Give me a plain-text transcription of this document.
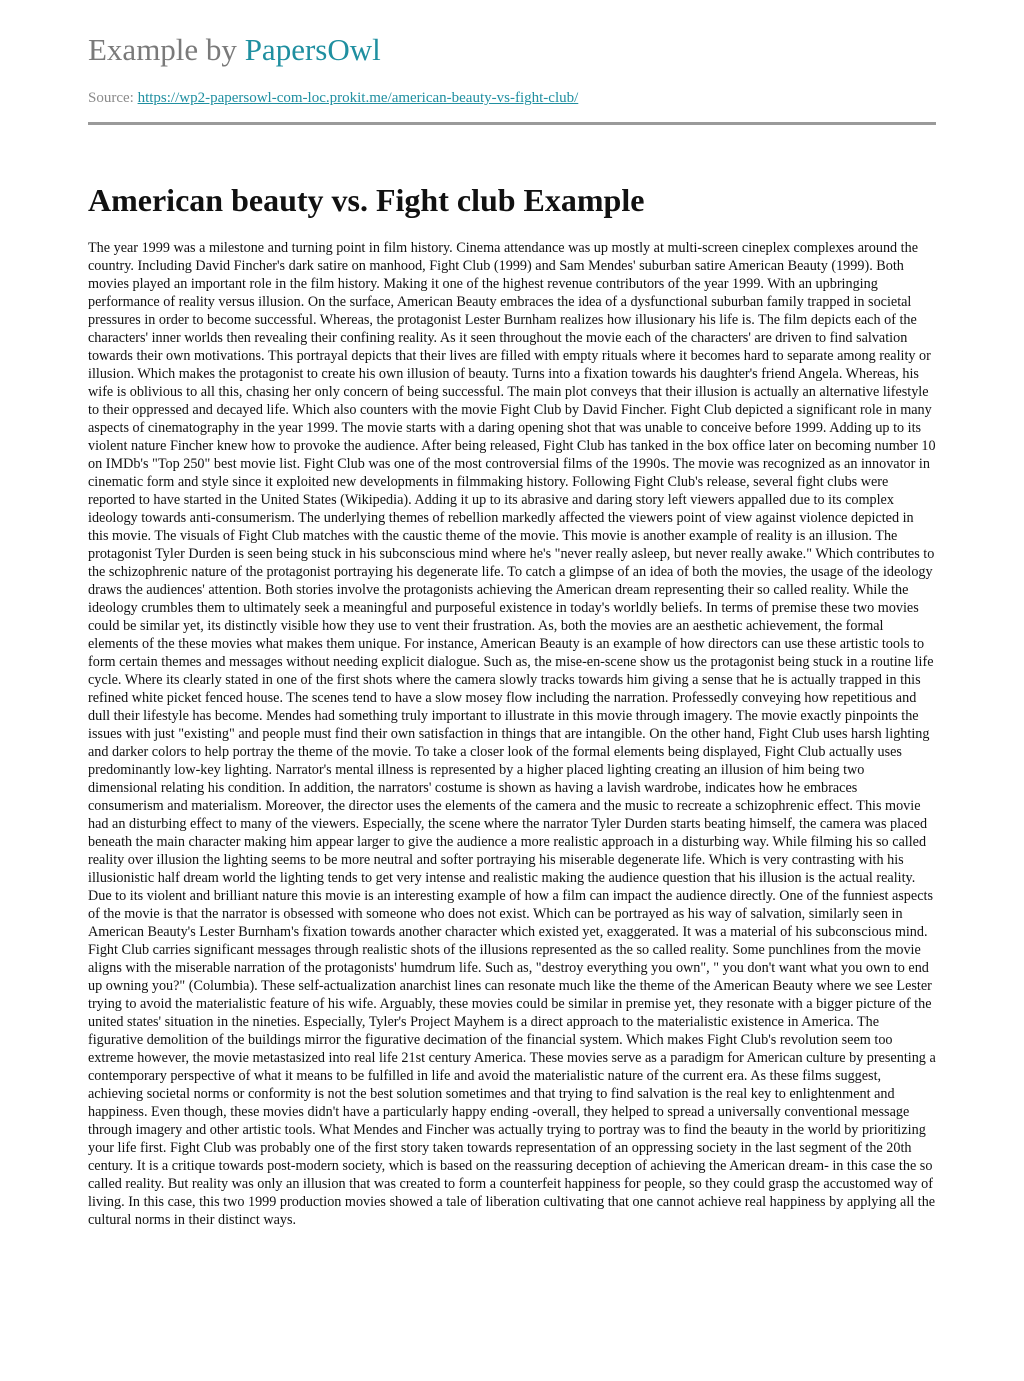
Example by PapersOwl
Source: https://wp2-papersowl-com-loc.prokit.me/american-beauty-vs-fight-club/
American beauty vs. Fight club Example

The year 1999 was a milestone and turning point in film history. Cinema attendance was up mostly at multi-screen cineplex complexes around the country. Including David Fincher's dark satire on manhood, Fight Club (1999) and Sam Mendes' suburban satire American Beauty (1999). Both movies played an important role in the film history. Making it one of the highest revenue contributors of the year 1999. With an upbringing performance of reality versus illusion. On the surface, American Beauty embraces the idea of a dysfunctional suburban family trapped in societal pressures in order to become successful. Whereas, the protagonist Lester Burnham realizes how illusionary his life is. The film depicts each of the characters' inner worlds then revealing their confining reality. As it seen throughout the movie each of the characters' are driven to find salvation towards their own motivations. This portrayal depicts that their lives are filled with empty rituals where it becomes hard to separate among reality or illusion. Which makes the protagonist to create his own illusion of beauty. Turns into a fixation towards his daughter's friend Angela. Whereas, his wife is oblivious to all this, chasing her only concern of being successful. The main plot conveys that their illusion is actually an alternative lifestyle to their oppressed and decayed life. Which also counters with the movie Fight Club by David Fincher. Fight Club depicted a significant role in many aspects of cinematography in the year 1999. The movie starts with a daring opening shot that was unable to conceive before 1999. Adding up to its violent nature Fincher knew how to provoke the audience. After being released, Fight Club has tanked in the box office later on becoming number 10 on IMDb's "Top 250" best movie list. Fight Club was one of the most controversial films of the 1990s. The movie was recognized as an innovator in cinematic form and style since it exploited new developments in filmmaking history. Following Fight Club's release, several fight clubs were reported to have started in the United States (Wikipedia). Adding it up to its abrasive and daring story left viewers appalled due to its complex ideology towards anti-consumerism. The underlying themes of rebellion markedly affected the viewers point of view against violence depicted in this movie. The visuals of Fight Club matches with the caustic theme of the movie. This movie is another example of reality is an illusion. The protagonist Tyler Durden is seen being stuck in his subconscious mind where he's "never really asleep, but never really awake." Which contributes to the schizophrenic nature of the protagonist portraying his degenerate life. To catch a glimpse of an idea of both the movies, the usage of the ideology draws the audiences' attention. Both stories involve the protagonists achieving the American dream representing their so called reality. While the ideology crumbles them to ultimately seek a meaningful and purposeful existence in today's worldly beliefs. In terms of premise these two movies could be similar yet, its distinctly visible how they use to vent their frustration. As, both the movies are an aesthetic achievement, the formal elements of the these movies what makes them unique. For instance, American Beauty is an example of how directors can use these artistic tools to form certain themes and messages without needing explicit dialogue. Such as, the mise-en-scene show us the protagonist being stuck in a routine life cycle. Where its clearly stated in one of the first shots where the camera slowly tracks towards him giving a sense that he is actually trapped in this refined white picket fenced house. The scenes tend to have a slow mosey flow including the narration. Professedly conveying how repetitious and dull their lifestyle has become. Mendes had something truly important to illustrate in this movie through imagery. The movie exactly pinpoints the issues with just "existing" and people must find their own satisfaction in things that are intangible. On the other hand, Fight Club uses harsh lighting and darker colors to help portray the theme of the movie. To take a closer look of the formal elements being displayed, Fight Club actually uses predominantly low-key lighting. Narrator's mental illness is represented by a higher placed lighting creating an illusion of him being two dimensional relating his condition. In addition, the narrators' costume is shown as having a lavish wardrobe, indicates how he embraces consumerism and materialism. Moreover, the director uses the elements of the camera and the music to recreate a schizophrenic effect. This movie had an disturbing effect to many of the viewers. Especially, the scene where the narrator Tyler Durden starts beating himself, the camera was placed beneath the main character making him appear larger to give the audience a more realistic approach in a disturbing way. While filming his so called reality over illusion the lighting seems to be more neutral and softer portraying his miserable degenerate life. Which is very contrasting with his illusionistic half dream world the lighting tends to get very intense and realistic making the audience question that his illusion is the actual reality. Due to its violent and brilliant nature this movie is an interesting example of how a film can impact the audience directly. One of the funniest aspects of the movie is that the narrator is obsessed with someone who does not exist. Which can be portrayed as his way of salvation, similarly seen in American Beauty's Lester Burnham's fixation towards another character which existed yet, exaggerated. It was a material of his subconscious mind. Fight Club carries significant messages through realistic shots of the illusions represented as the so called reality. Some punchlines from the movie aligns with the miserable narration of the protagonists' humdrum life. Such as, "destroy everything you own", " you don't want what you own to end up owning you?" (Columbia). These self-actualization anarchist lines can resonate much like the theme of the American Beauty where we see Lester trying to avoid the materialistic feature of his wife. Arguably, these movies could be similar in premise yet, they resonate with a bigger picture of the united states' situation in the nineties. Especially, Tyler's Project Mayhem is a direct approach to the materialistic existence in America. The figurative demolition of the buildings mirror the figurative decimation of the financial system. Which makes Fight Club's revolution seem too extreme however, the movie metastasized into real life 21st century America. These movies serve as a paradigm for American culture by presenting a contemporary perspective of what it means to be fulfilled in life and avoid the materialistic nature of the current era. As these films suggest, achieving societal norms or conformity is not the best solution sometimes and that trying to find salvation is the real key to enlightenment and happiness. Even though, these movies didn't have a particularly happy ending -overall, they helped to spread a universally conventional message through imagery and other artistic tools. What Mendes and Fincher was actually trying to portray was to find the beauty in the world by prioritizing your life first. Fight Club was probably one of the first story taken towards representation of an oppressing society in the last segment of the 20th century. It is a critique towards post-modern society, which is based on the reassuring deception of achieving the American dream- in this case the so called reality. But reality was only an illusion that was created to form a counterfeit happiness for people, so they could grasp the accustomed way of living. In this case, this two 1999 production movies showed a tale of liberation cultivating that one cannot achieve real happiness by applying all the cultural norms in their distinct ways.
